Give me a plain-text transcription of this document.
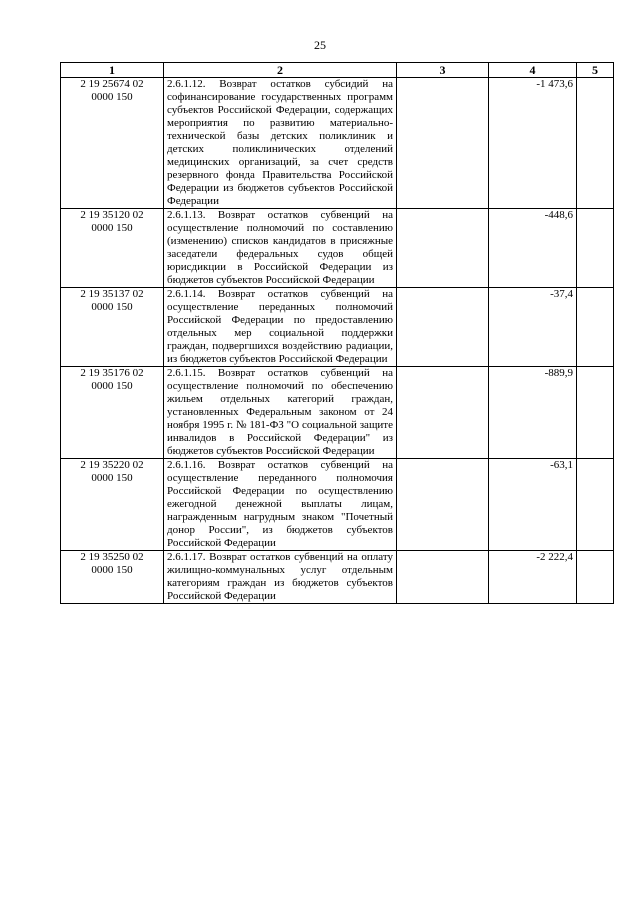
25
1	2	3	4	5

2 19 25674 02
0000 150	2.6.1.12. Возврат остатков субсидий на софинансирование государственных программ субъектов Российской Федерации, содержащих мероприятия по развитию материально-технической базы детских поликлиник и детских поликлинических отделений медицинских организаций, за счет средств резервного фонда Правительства Российской Федерации из бюджетов субъектов Российской Федерации		-1 473,6	

2 19 35120 02
0000 150	2.6.1.13. Возврат остатков субвенций на осуществление полномочий по составлению (изменению) списков кандидатов в присяжные заседатели федеральных судов общей юрисдикции в Российской Федерации из бюджетов субъектов Российской Федерации		-448,6	

2 19 35137 02
0000 150	2.6.1.14. Возврат остатков субвенций на осуществление переданных полномочий Российской Федерации по предоставлению отдельных мер социальной поддержки граждан, подвергшихся воздействию радиации, из бюджетов субъектов Российской Федерации		-37,4	

2 19 35176 02
0000 150	2.6.1.15. Возврат остатков субвенций на осуществление полномочий по обеспечению жильем отдельных категорий граждан, установленных Федеральным законом от 24 ноября 1995 г. № 181-ФЗ "О социальной защите инвалидов в Российской Федерации" из бюджетов субъектов Российской Федерации		-889,9	

2 19 35220 02
0000 150	2.6.1.16. Возврат остатков субвенций на осуществление переданного полномочия Российской Федерации по осуществлению ежегодной денежной выплаты лицам, награжденным нагрудным знаком "Почетный донор России", из бюджетов субъектов Российской Федерации		-63,1	

2 19 35250 02
0000 150	2.6.1.17. Возврат остатков субвенций на оплату жилищно-коммунальных услуг отдельным категориям граждан из бюджетов субъектов Российской Федерации		-2 222,4	
